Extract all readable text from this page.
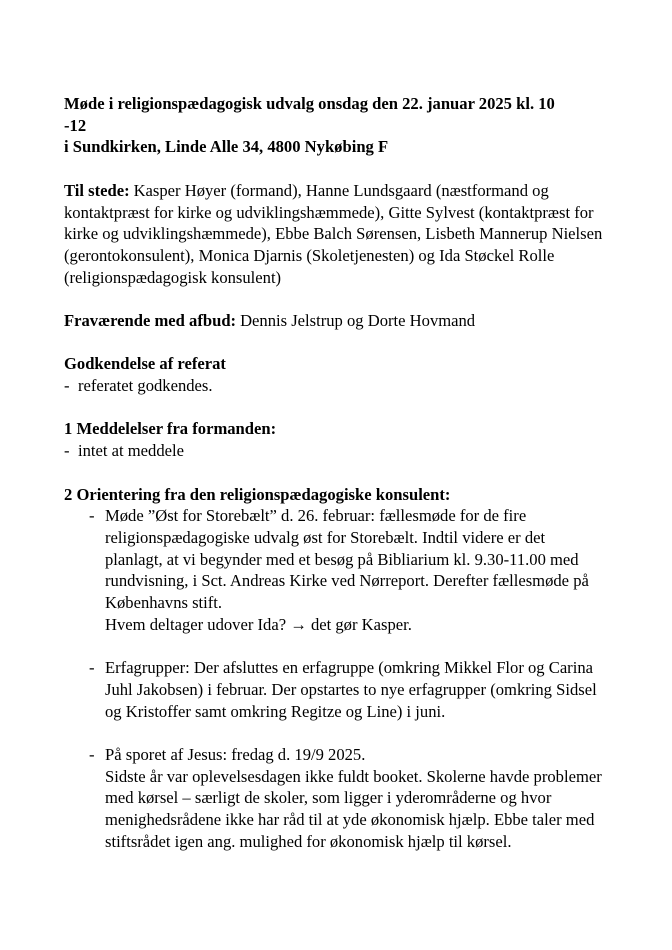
Møde i religionspædagogisk udvalg onsdag den 22. januar 2025 kl. 10
-12
i Sundkirken, Linde Alle 34, 4800 Nykøbing F
Til stede: Kasper Høyer (formand), Hanne Lundsgaard (næstformand og kontaktpræst for kirke og udviklingshæmmede), Gitte Sylvest (kontaktpræst for kirke og udviklingshæmmede), Ebbe Balch Sørensen, Lisbeth Mannerup Nielsen (gerontokonsulent), Monica Djarnis (Skoletjenesten) og Ida Støckel Rolle (religionspædagogisk konsulent)
Fraværende med afbud: Dennis Jelstrup og Dorte Hovmand
Godkendelse af referat
- referatet godkendes.
1 Meddelelser fra formanden:
- intet at meddele
2 Orientering fra den religionspædagogiske konsulent:
- Møde ”Øst for Storebælt” d. 26. februar: fællesmøde for de fire religionspædagogiske udvalg øst for Storebælt. Indtil videre er det planlagt, at vi begynder med et besøg på Bibliarium kl. 9.30-11.00 med rundvisning, i Sct. Andreas Kirke ved Nørreport. Derefter fællesmøde på Københavns stift.
Hvem deltager udover Ida? → det gør Kasper.
- Erfagrupper: Der afsluttes en erfagruppe (omkring Mikkel Flor og Carina Juhl Jakobsen) i februar. Der opstartes to nye erfagrupper (omkring Sidsel og Kristoffer samt omkring Regitze og Line) i juni.
- På sporet af Jesus: fredag d. 19/9 2025.
Sidste år var oplevelsesdagen ikke fuldt booket. Skolerne havde problemer med kørsel – særligt de skoler, som ligger i yderområderne og hvor menighedsrådene ikke har råd til at yde økonomisk hjælp. Ebbe taler med stiftsrådet igen ang. mulighed for økonomisk hjælp til kørsel.
